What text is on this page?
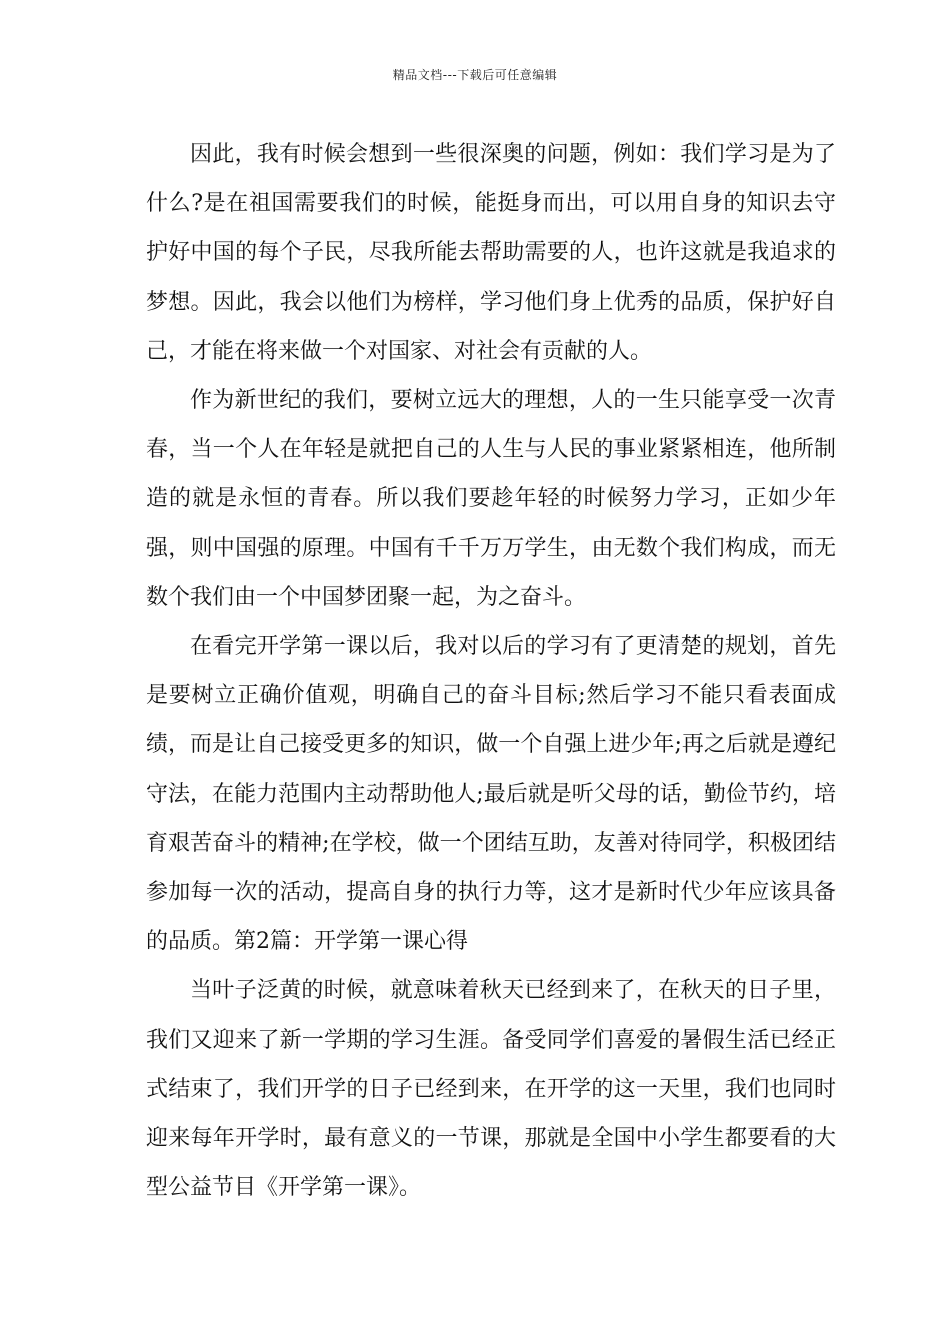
精品文档---下载后可任意编辑

因此，我有时候会想到一些很深奥的问题，例如：我们学习是为了什么?是在祖国需要我们的时候，能挺身而出，可以用自身的知识去守护好中国的每个子民，尽我所能去帮助需要的人，也许这就是我追求的梦想。因此，我会以他们为榜样，学习他们身上优秀的品质，保护好自己，才能在将来做一个对国家、对社会有贡献的人。

作为新世纪的我们，要树立远大的理想，人的一生只能享受一次青春，当一个人在年轻是就把自己的人生与人民的事业紧紧相连，他所制造的就是永恒的青春。所以我们要趁年轻的时候努力学习，正如少年强，则中国强的原理。中国有千千万万学生，由无数个我们构成，而无数个我们由一个中国梦团聚一起，为之奋斗。

在看完开学第一课以后，我对以后的学习有了更清楚的规划，首先是要树立正确价值观，明确自己的奋斗目标;然后学习不能只看表面成绩，而是让自己接受更多的知识，做一个自强上进少年;再之后就是遵纪守法，在能力范围内主动帮助他人;最后就是听父母的话，勤俭节约，培育艰苦奋斗的精神;在学校，做一个团结互助，友善对待同学，积极团结参加每一次的活动，提高自身的执行力等，这才是新时代少年应该具备的品质。第2篇：开学第一课心得

当叶子泛黄的时候，就意味着秋天已经到来了，在秋天的日子里，我们又迎来了新一学期的学习生涯。备受同学们喜爱的暑假生活已经正式结束了，我们开学的日子已经到来，在开学的这一天里，我们也同时迎来每年开学时，最有意义的一节课，那就是全国中小学生都要看的大型公益节目《开学第一课》。
